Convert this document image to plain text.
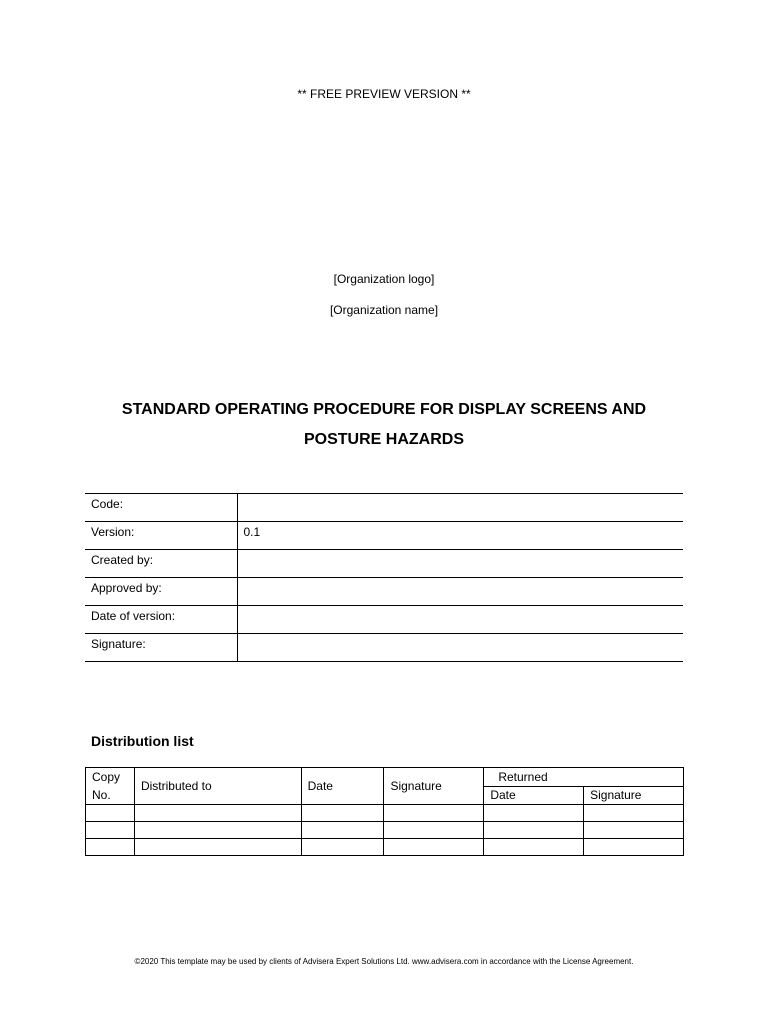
** FREE PREVIEW VERSION **
[Organization logo]
[Organization name]
STANDARD OPERATING PROCEDURE FOR DISPLAY SCREENS AND POSTURE HAZARDS
Code:	
Version:	0.1
Created by:	
Approved by:	
Date of version:	
Signature:	
Distribution list
Copy No.	Distributed to	Date	Signature	Returned	
				Date	Signature

©2020 This template may be used by clients of Advisera Expert Solutions Ltd. www.advisera.com in accordance with the License Agreement.
